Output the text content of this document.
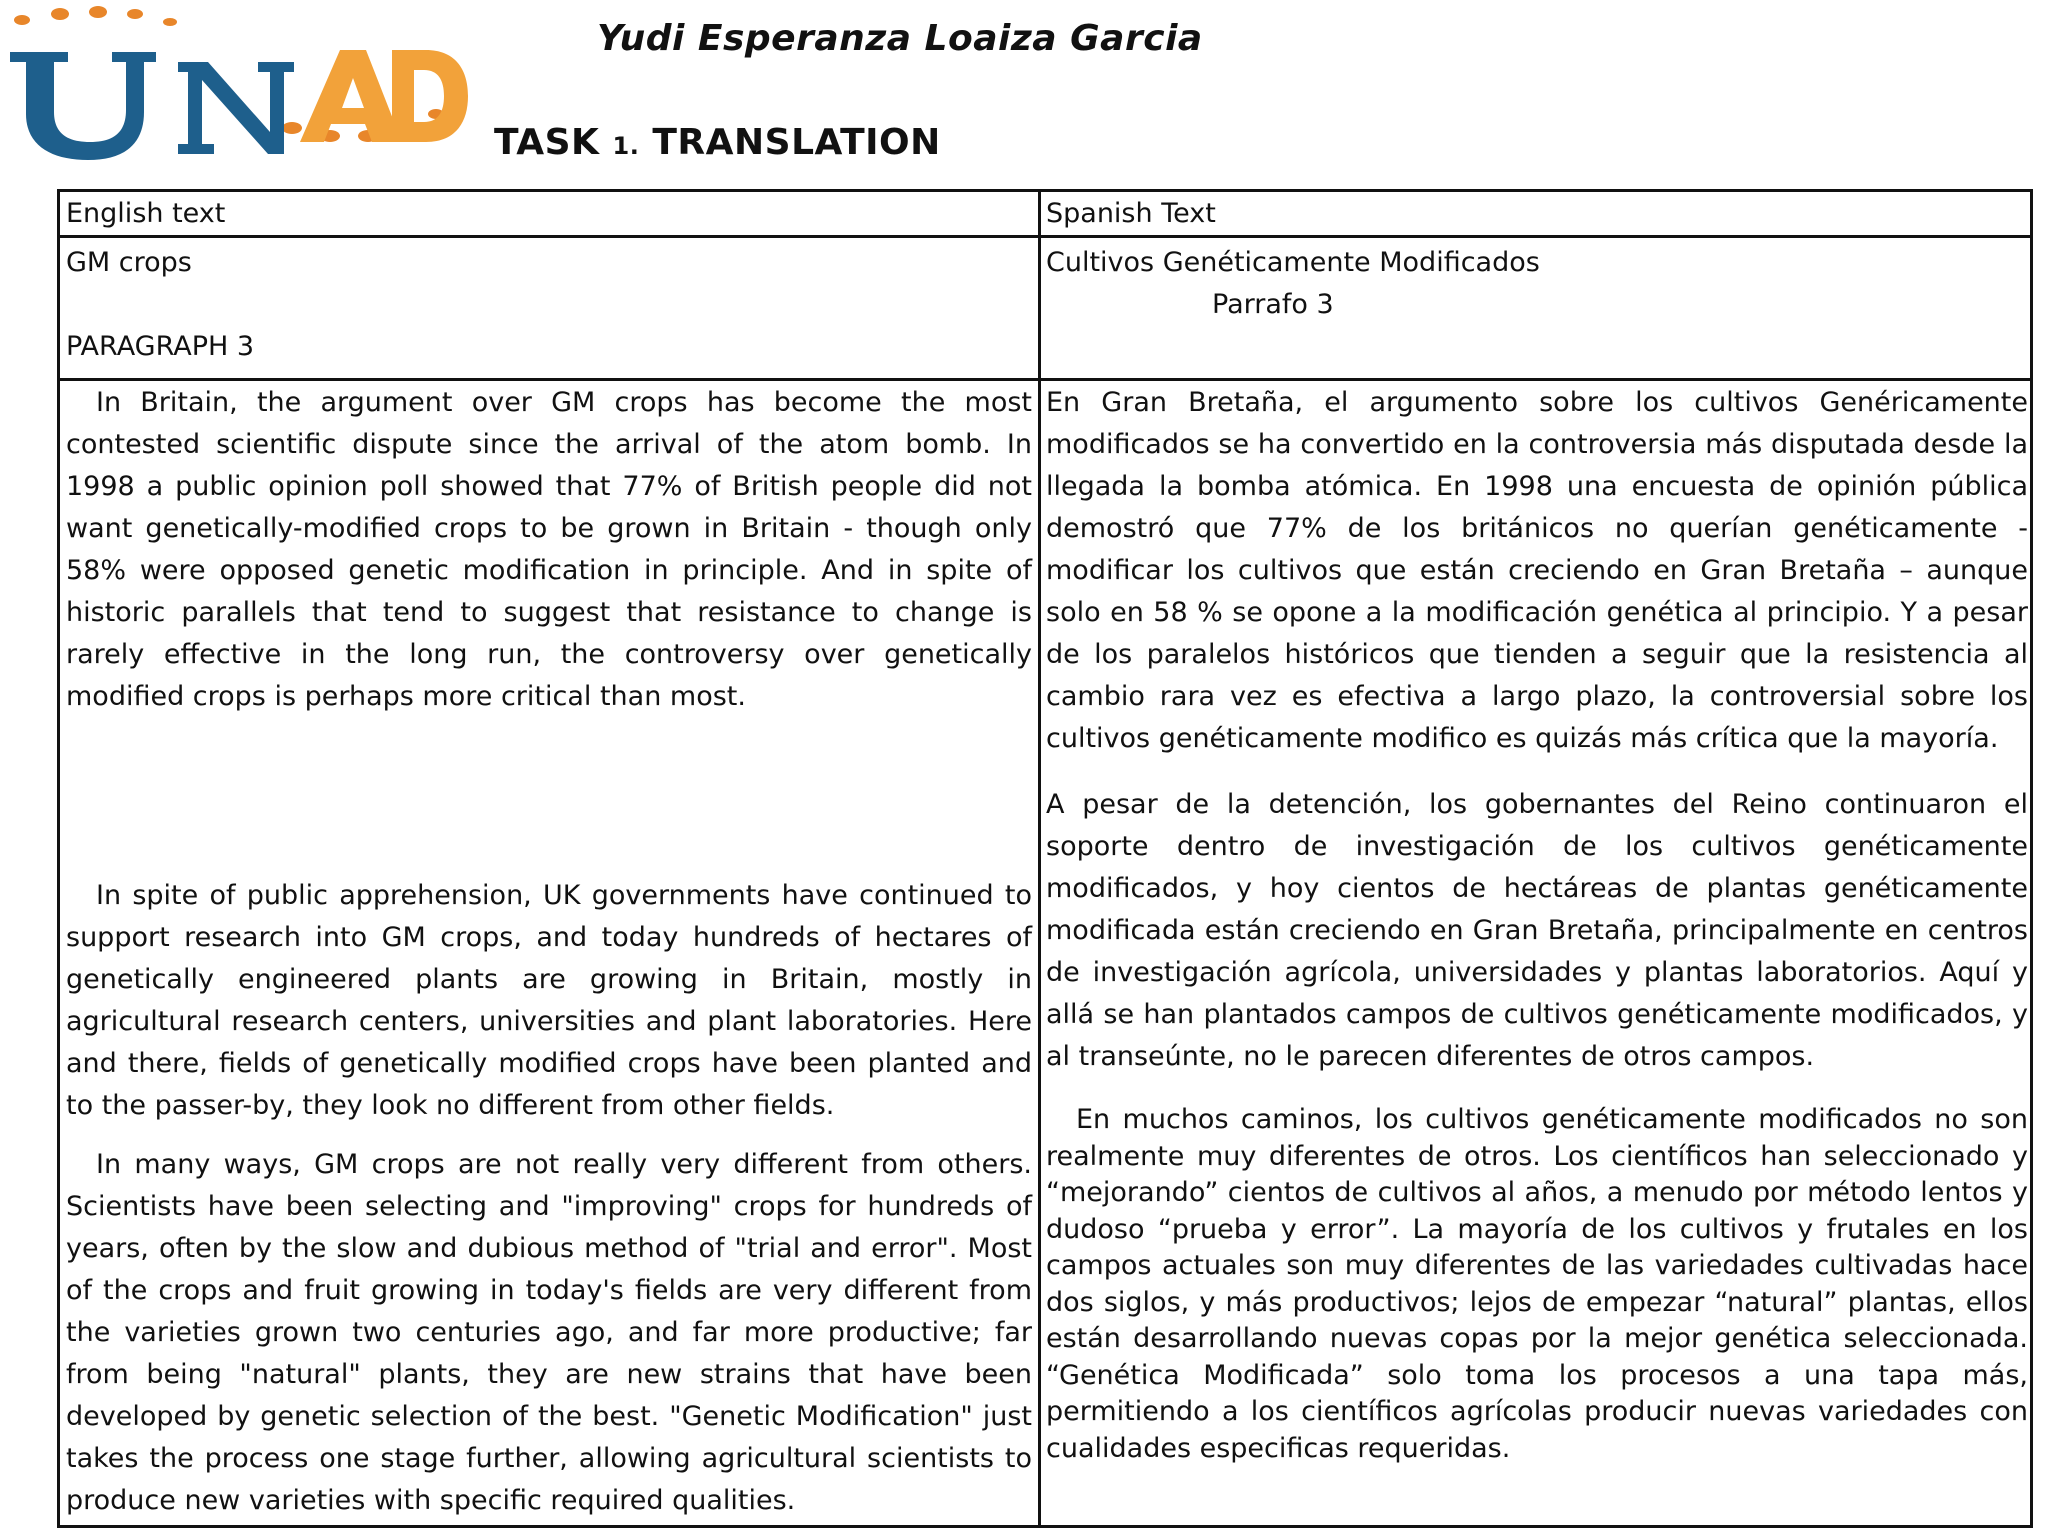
Yudi Esperanza Loaiza Garcia
TASK 1. TRANSLATION
English text	Spanish Text
GM crops
PARAGRAPH 3
Cultivos Genéticamente Modificados
Parrafo 3

In Britain, the argument over GM crops has become the most contested scientific dispute since the arrival of the atom bomb. In 1998 a public opinion poll showed that 77% of British people did not want genetically-modified crops to be grown in Britain - though only 58% were opposed genetic modification in principle. And in spite of historic parallels that tend to suggest that resistance to change is rarely effective in the long run, the controversy over genetically modified crops is perhaps more critical than most.

In spite of public apprehension, UK governments have continued to support research into GM crops, and today hundreds of hectares of genetically engineered plants are growing in Britain, mostly in agricultural research centers, universities and plant laboratories. Here and there, fields of genetically modified crops have been planted and to the passer-by, they look no different from other fields.

In many ways, GM crops are not really very different from others. Scientists have been selecting and "improving" crops for hundreds of years, often by the slow and dubious method of "trial and error". Most of the crops and fruit growing in today's fields are very different from the varieties grown two centuries ago, and far more productive; far from being "natural" plants, they are new strains that have been developed by genetic selection of the best. "Genetic Modification" just takes the process one stage further, allowing agricultural scientists to produce new varieties with specific required qualities.

En Gran Bretaña, el argumento sobre los cultivos Genéricamente modificados se ha convertido en la controversia más disputada desde la llegada la bomba atómica. En 1998 una encuesta de opinión pública demostró que 77% de los británicos no querían genéticamente - modificar los cultivos que están creciendo en Gran Bretaña – aunque solo en 58 % se opone a la modificación genética al principio. Y a pesar de los paralelos históricos que tienden a seguir que la resistencia al cambio rara vez es efectiva a largo plazo, la controversial sobre los cultivos genéticamente modifico es quizás más crítica que la mayoría.

A pesar de la detención, los gobernantes del Reino continuaron el soporte dentro de investigación de los cultivos genéticamente modificados, y hoy cientos de hectáreas de plantas genéticamente modificada están creciendo en Gran Bretaña, principalmente en centros de investigación agrícola, universidades y plantas laboratorios. Aquí y allá se han plantados campos de cultivos genéticamente modificados, y al transeúnte, no le parecen diferentes de otros campos.

En muchos caminos, los cultivos genéticamente modificados no son realmente muy diferentes de otros. Los científicos han seleccionado y “mejorando” cientos de cultivos al años, a menudo por método lentos y dudoso “prueba y error”. La mayoría de los cultivos y frutales en los campos actuales son muy diferentes de las variedades cultivadas hace dos siglos, y más productivos; lejos de empezar “natural” plantas, ellos están desarrollando nuevas copas por la mejor genética seleccionada. “Genética Modificada” solo toma los procesos a una tapa más, permitiendo a los científicos agrícolas producir nuevas variedades con cualidades especificas requeridas.
